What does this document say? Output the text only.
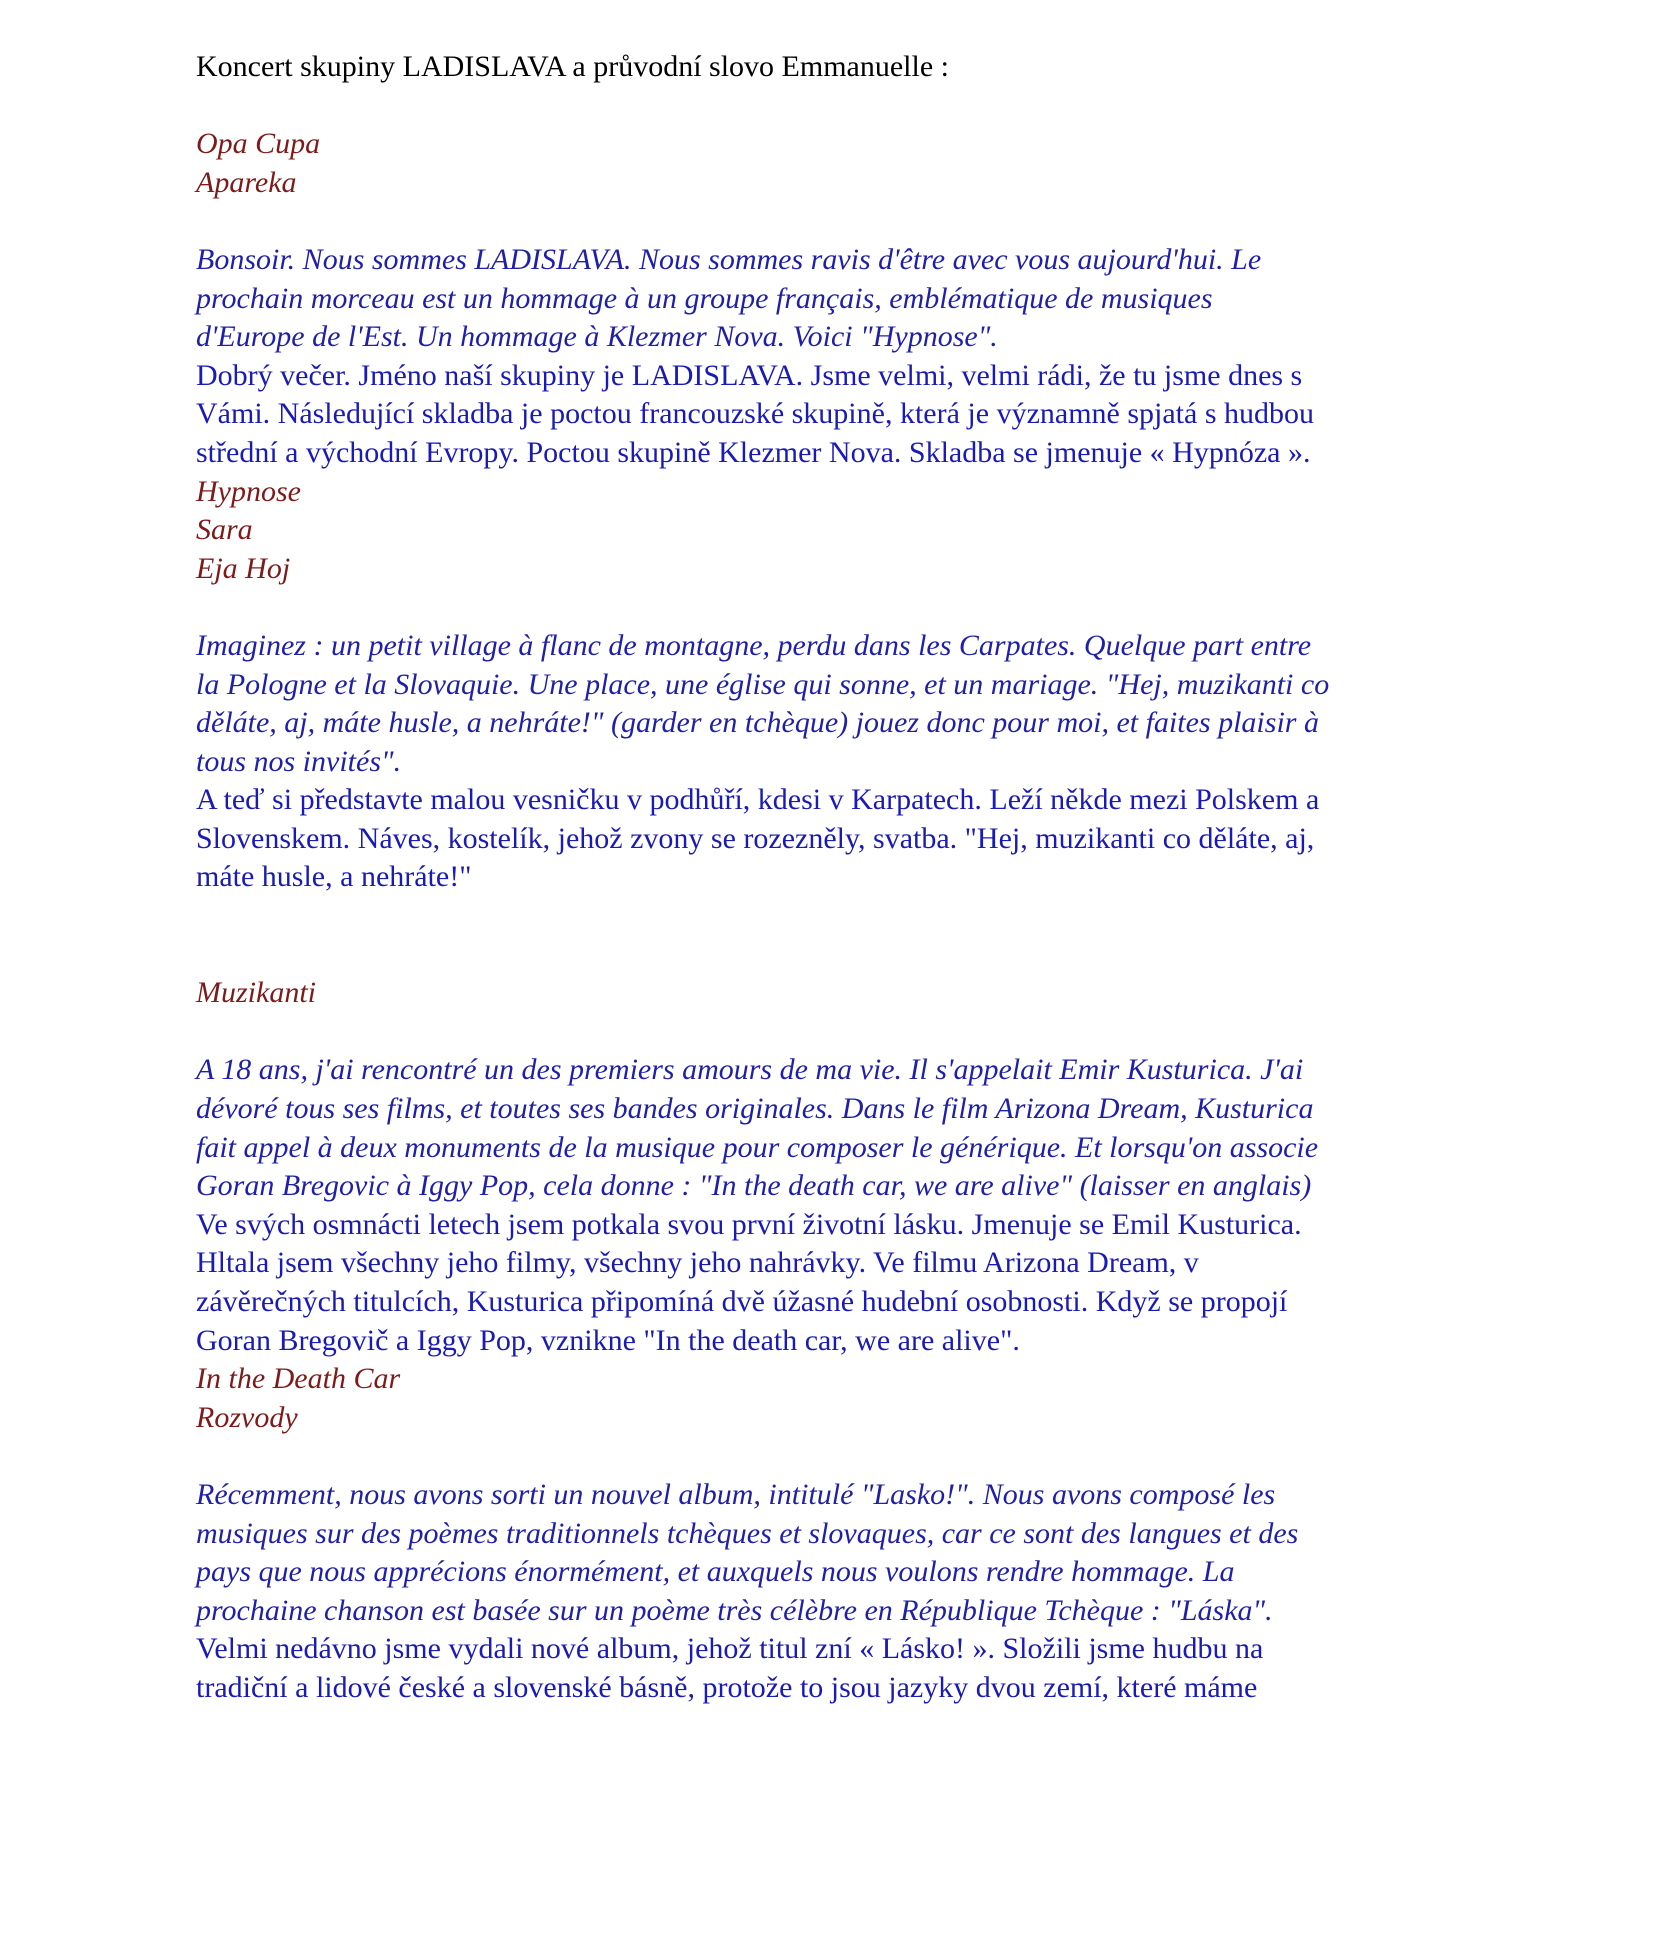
Koncert skupiny LADISLAVA a průvodní slovo Emmanuelle :

Opa Cupa
Apareka

Bonsoir. Nous sommes LADISLAVA. Nous sommes ravis d'être avec vous aujourd'hui. Le

prochain morceau est un hommage à un groupe français, emblématique de musiques

d'Europe de l'Est. Un hommage à Klezmer Nova. Voici "Hypnose".

Dobrý večer. Jméno naší skupiny je LADISLAVA. Jsme velmi, velmi rádi, že tu jsme dnes s

Vámi. Následující skladba je poctou francouzské skupině, která je významně spjatá s hudbou

střední a východní Evropy. Poctou skupině Klezmer Nova. Skladba se jmenuje « Hypnóza ».

Hypnose
Sara
Eja Hoj

Imaginez : un petit village à flanc de montagne, perdu dans les Carpates. Quelque part entre

la Pologne et la Slovaquie. Une place, une église qui sonne, et un mariage. "Hej, muzikanti co

děláte, aj, máte husle, a nehráte!" (garder en tchèque) jouez donc pour moi, et faites plaisir à

tous nos invités".

A teď si představte malou vesničku v podhůří, kdesi v Karpatech. Leží někde mezi Polskem a

Slovenskem. Náves, kostelík, jehož zvony se rozezněly, svatba. "Hej, muzikanti co děláte, aj,

máte husle, a nehráte!"

Muzikanti

A 18 ans, j'ai rencontré un des premiers amours de ma vie. Il s'appelait Emir Kusturica. J'ai

dévoré tous ses films, et toutes ses bandes originales. Dans le film Arizona Dream, Kusturica

fait appel à deux monuments de la musique pour composer le générique. Et lorsqu'on associe

Goran Bregovic à Iggy Pop, cela donne : "In the death car, we are alive" (laisser en anglais)

Ve svých osmnácti letech jsem potkala svou první životní lásku. Jmenuje se Emil Kusturica.

Hltala jsem všechny jeho filmy, všechny jeho nahrávky. Ve filmu Arizona Dream, v

závěrečných titulcích, Kusturica připomíná dvě úžasné hudební osobnosti. Když se propojí

Goran Bregovič a Iggy Pop, vznikne "In the death car, we are alive".

In the Death Car
Rozvody

Récemment, nous avons sorti un nouvel album, intitulé "Lasko!". Nous avons composé les

musiques sur des poèmes traditionnels tchèques et slovaques, car ce sont des langues et des

pays que nous apprécions énormément, et auxquels nous voulons rendre hommage. La

prochaine chanson est basée sur un poème très célèbre en République Tchèque : "Láska".

Velmi nedávno jsme vydali nové album, jehož titul zní « Lásko! ». Složili jsme hudbu na

tradiční a lidové české a slovenské básně, protože to jsou jazyky dvou zemí, které máme
